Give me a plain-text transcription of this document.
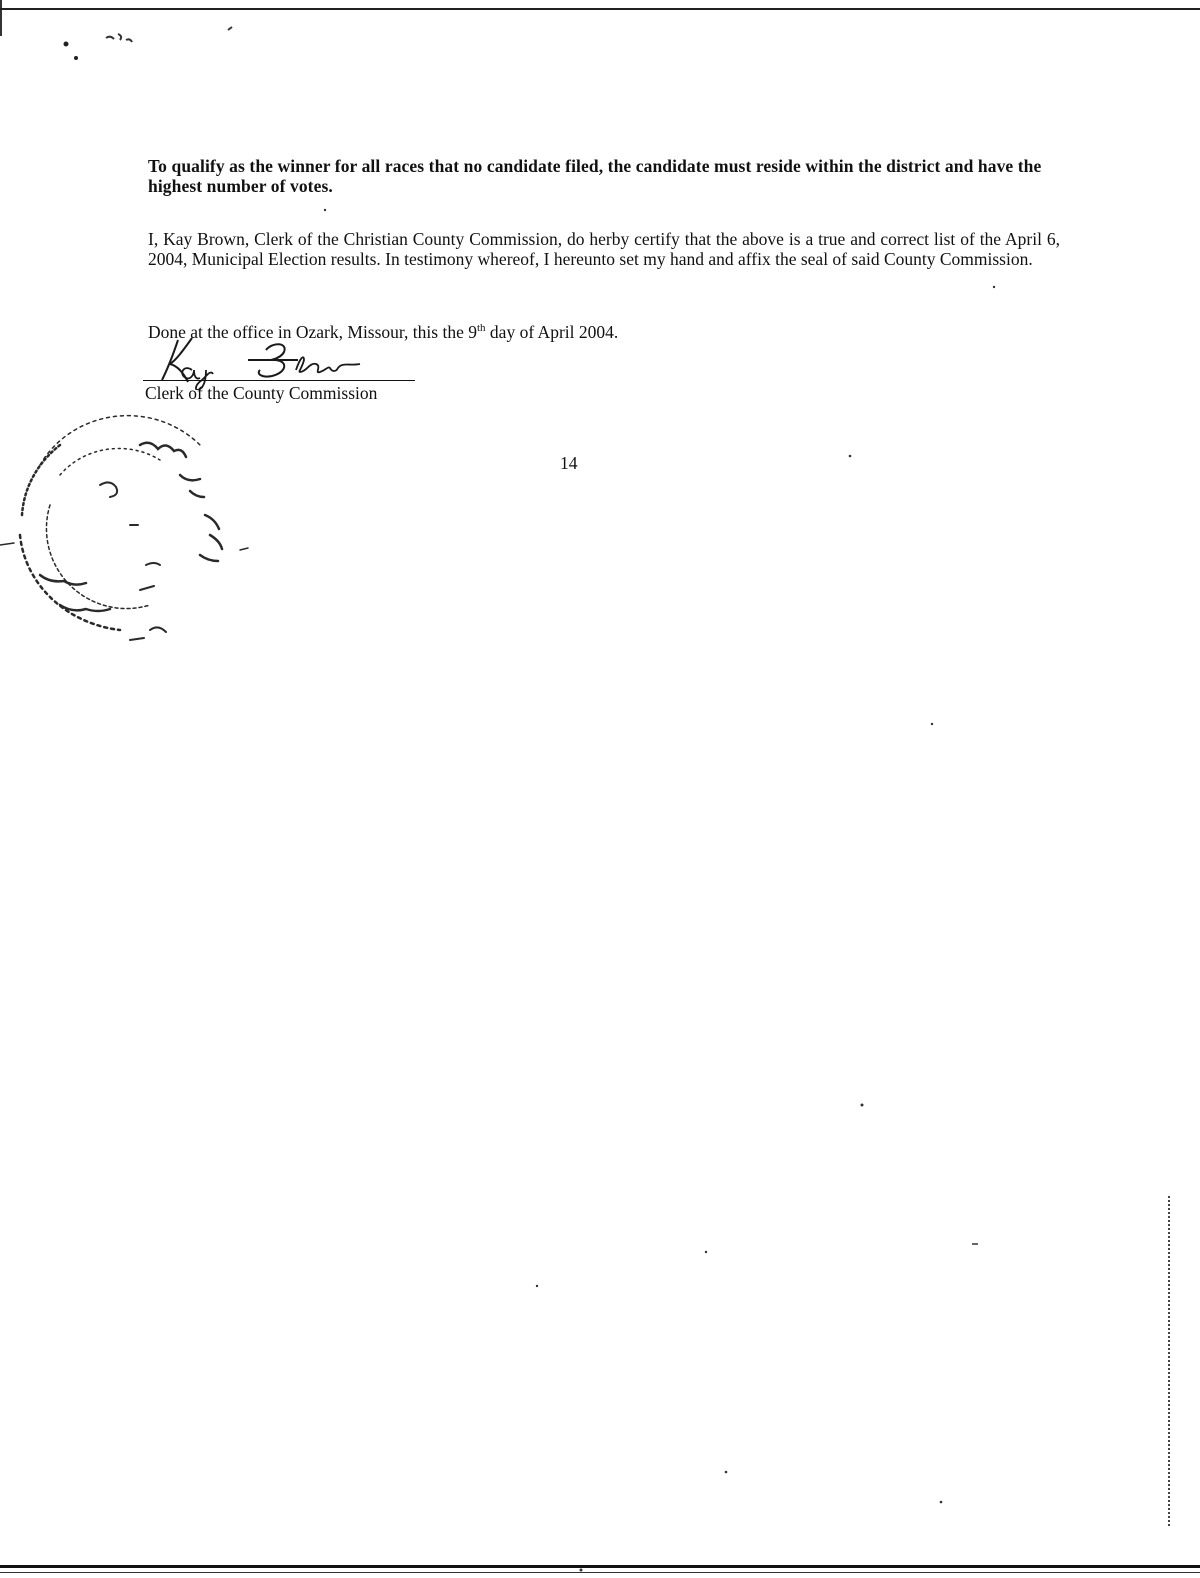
To qualify as the winner for all races that no candidate filed, the candidate must reside within the district and have the highest number of votes.

I, Kay Brown, Clerk of the Christian County Commission, do herby certify that the above is a true and correct list of the April 6, 2004, Municipal Election results. In testimony whereof, I hereunto set my hand and affix the seal of said County Commission.

Done at the office in Ozark, Missour, this the 9th day of April 2004.

Clerk of the County Commission
14
